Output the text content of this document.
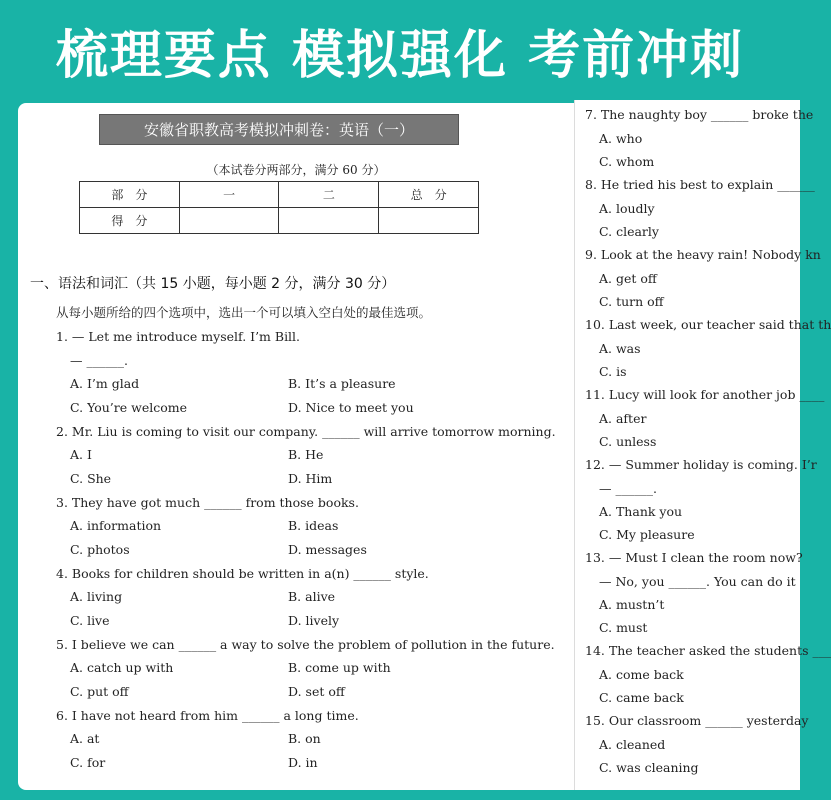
梳理要点 模拟强化 考前冲刺
安徽省职教高考模拟冲刺卷：英语（一）
（本试卷分两部分，满分 60 分）
部　分	一	二	总　分
得　分			
一、语法和词汇（共 15 小题，每小题 2 分，满分 30 分）
从每小题所给的四个选项中，选出一个可以填入空白处的最佳选项。
1. — Let me introduce myself. I’m Bill.
— ______.
A. I’m glad	B. It’s a pleasure
C. You’re welcome	D. Nice to meet you
2. Mr. Liu is coming to visit our company. ______ will arrive tomorrow morning.
A. I	B. He
C. She	D. Him
3. They have got much ______ from those books.
A. information	B. ideas
C. photos	D. messages
4. Books for children should be written in a(n) ______ style.
A. living	B. alive
C. live	D. lively
5. I believe we can ______ a way to solve the problem of pollution in the future.
A. catch up with	B. come up with
C. put off	D. set off
6. I have not heard from him ______ a long time.
A. at	B. on
C. for	D. in
7. The naughty boy ______ broke the
A. who
C. whom
8. He tried his best to explain ______
A. loudly
C. clearly
9. Look at the heavy rain! Nobody kn
A. get off
C. turn off
10. Last week, our teacher said that th
A. was
C. is
11. Lucy will look for another job ____
A. after
C. unless
12. — Summer holiday is coming. I’r
— ______.
A. Thank you
C. My pleasure
13. — Must I clean the room now?
— No, you ______. You can do it
A. mustn’t
C. must
14. The teacher asked the students ___
A. come back
C. came back
15. Our classroom ______ yesterday
A. cleaned
C. was cleaning
